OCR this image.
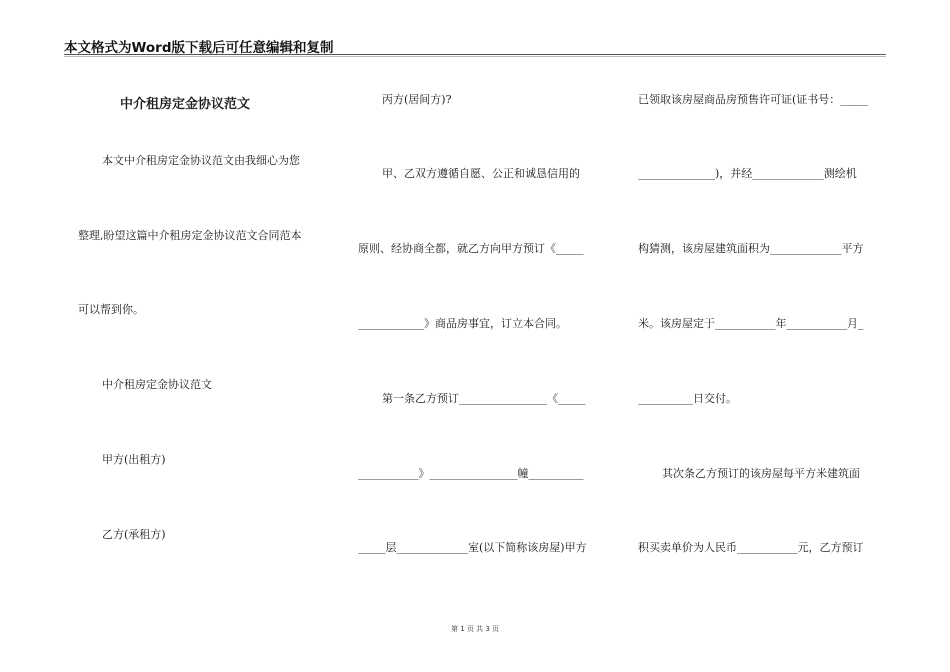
本文格式为Word版下载后可任意编辑和复制
中介租房定金协议范文
本文中介租房定金协议范文由我细心为您
整理,盼望这篇中介租房定金协议范文合同范本
可以帮到你。
中介租房定金协议范文
甲方(出租方)
乙方(承租方)
丙方(居间方)?
甲、乙双方遵循自愿、公正和诚恳信用的
原则、经协商全都，就乙方向甲方预订《_____
____________》商品房事宜，订立本合同。
第一条乙方预订________________《_____
___________》________________幢__________
_____层_____________室(以下简称该房屋)甲方
已领取该房屋商品房预售许可证(证书号：_____
______________)，并经_____________测绘机
构猜测，该房屋建筑面积为_____________平方
米。该房屋定于___________年___________月_
__________日交付。
其次条乙方预订的该房屋每平方米建筑面
积买卖单价为人民币___________元，乙方预订
第 1 页 共 3 页
